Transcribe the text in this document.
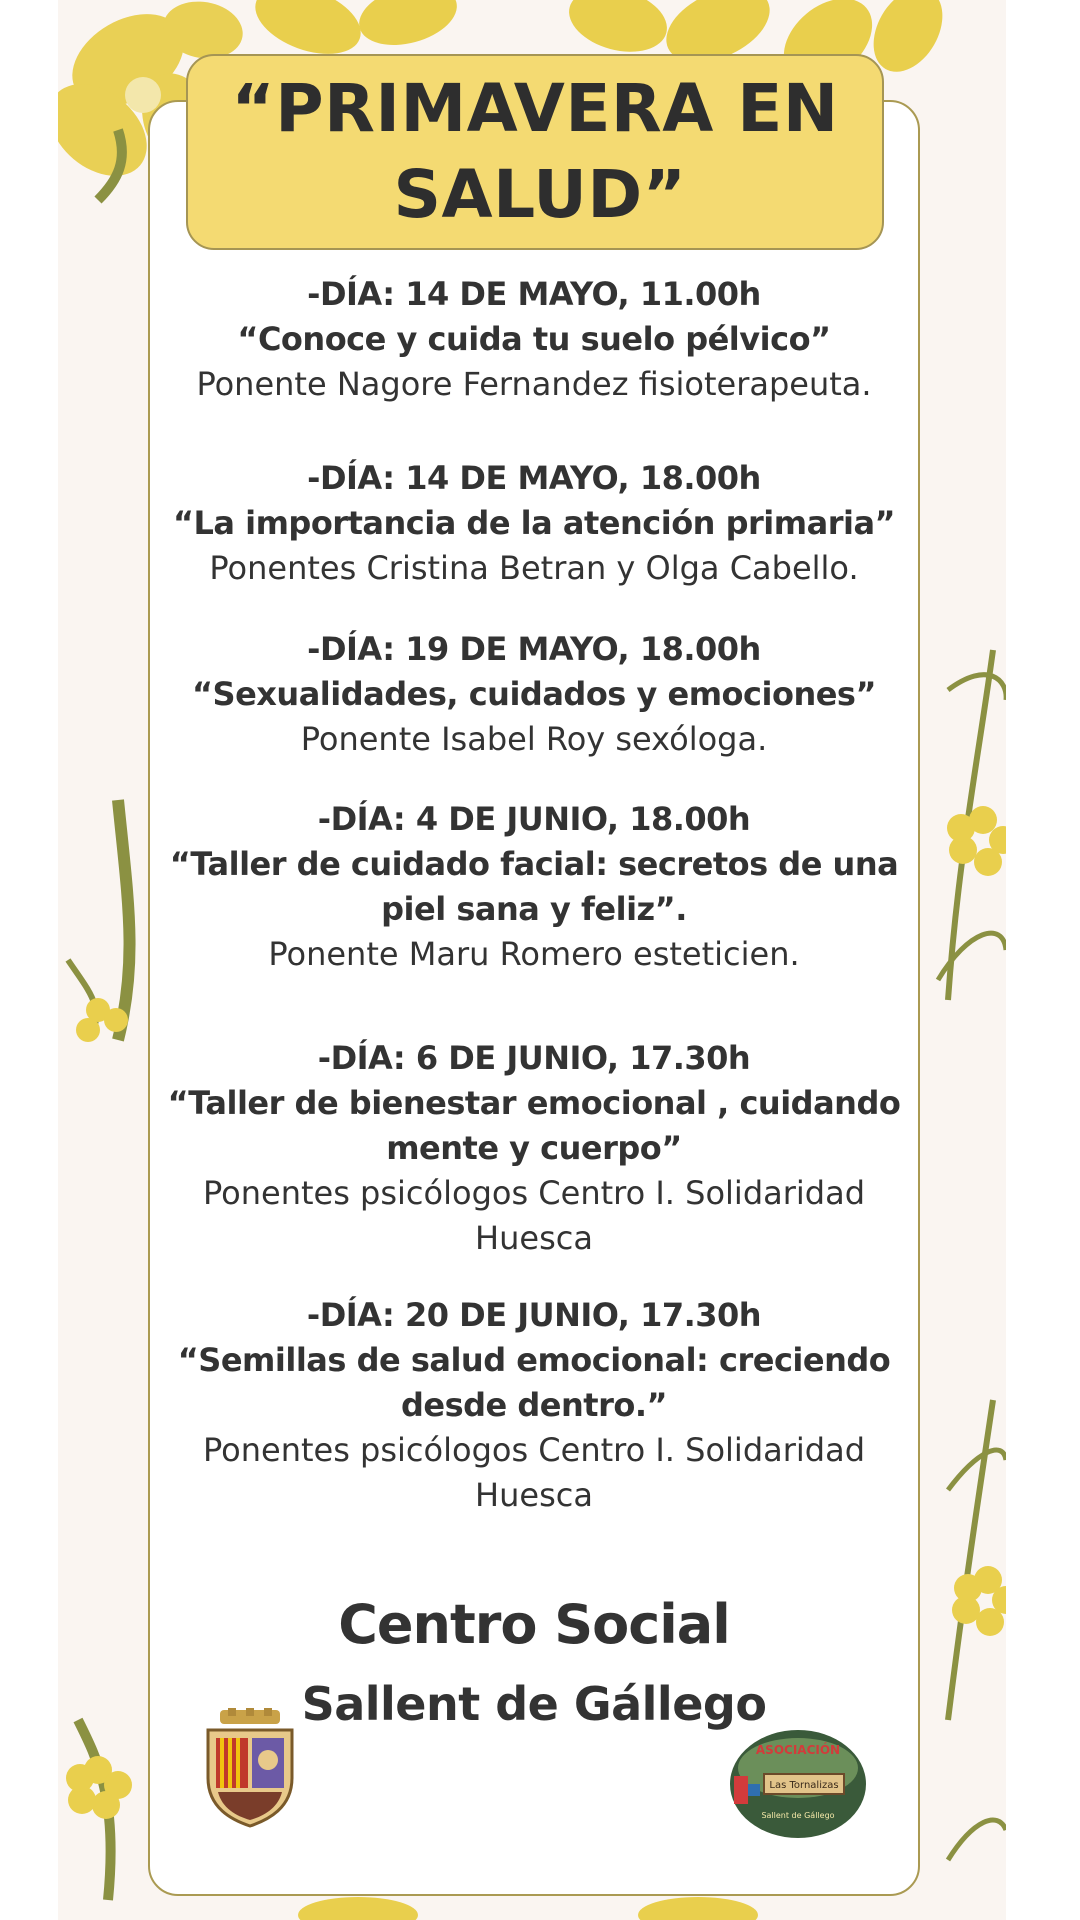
“PRIMAVERA EN
SALUD”
-DÍA: 14 DE MAYO, 11.00h
“Conoce y cuida tu suelo pélvico”
Ponente Nagore Fernandez fisioterapeuta.
-DÍA: 14 DE MAYO, 18.00h
“La importancia de la atención primaria”
Ponentes Cristina Betran y Olga Cabello.
-DÍA: 19 DE MAYO, 18.00h
“Sexualidades, cuidados y emociones”
Ponente Isabel Roy sexóloga.
-DÍA: 4 DE JUNIO, 18.00h
“Taller de cuidado facial: secretos de una
piel sana y feliz”.
Ponente Maru Romero esteticien.
-DÍA: 6 DE JUNIO, 17.30h
“Taller de bienestar emocional , cuidando
mente y cuerpo”
Ponentes psicólogos Centro I. Solidaridad
Huesca
-DÍA: 20 DE JUNIO, 17.30h
“Semillas de salud emocional: creciendo
desde dentro.”
Ponentes psicólogos Centro I. Solidaridad
Huesca
Centro Social
Sallent de Gállego
ASOCIACIÓN
Las Tornalizas
Sallent de Gállego
